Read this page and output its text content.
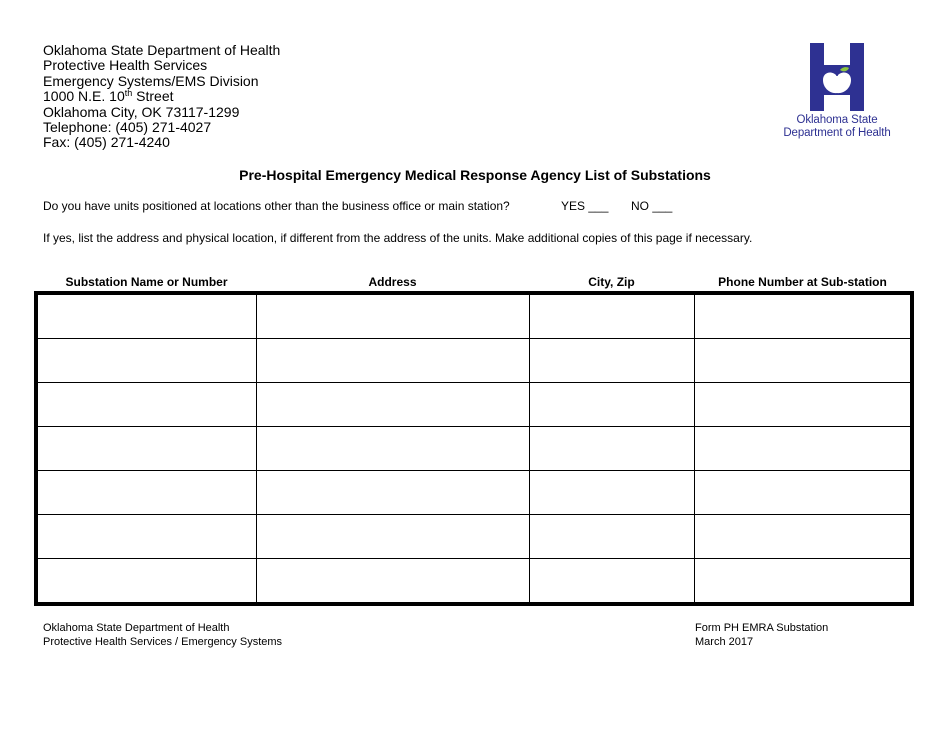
Oklahoma State Department of Health
Protective Health Services
Emergency Systems/EMS Division
1000 N.E. 10th Street
Oklahoma City, OK 73117-1299
Telephone: (405) 271-4027
Fax: (405) 271-4240
Oklahoma State
Department of Health
Pre-Hospital Emergency Medical Response Agency List of Substations
Do you have units positioned at locations other than the business office or main station?	YES ___ NO ___
If yes, list the address and physical location, if different from the address of the units. Make additional copies of this page if necessary.
Substation Name or Number	Address	City, Zip	Phone Number at Sub-station

Oklahoma State Department of Health
Protective Health Services / Emergency Systems
Form PH EMRA Substation
March 2017
